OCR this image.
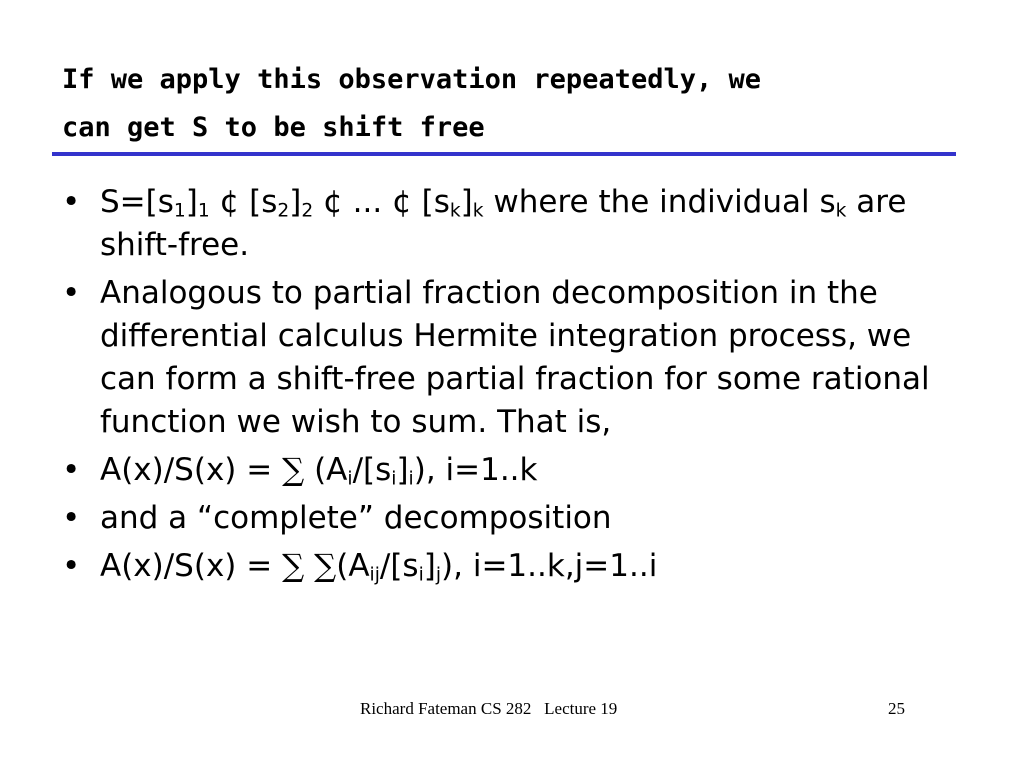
If we apply this observation repeatedly, we
can get S to be shift free
• $S=[s_1]_1$ ¢ $[s_2]_2$ ¢ ... ¢ $[s_k]_k$ where the individual $s_k$ are shift-free.
• Analogous to partial fraction decomposition in the differential calculus Hermite integration process, we can form a shift-free partial fraction for some rational function we wish to sum. That is,
• A(x)/S(x) = ∑ $(A_i/[s_i]_i)$, i=1..k
• and a “complete” decomposition
• A(x)/S(x) = ∑ $\sum(A_{ij}/[s_i]_j)$, i=1..k,j=1..i
Richard Fateman CS 282   Lecture 19	25
